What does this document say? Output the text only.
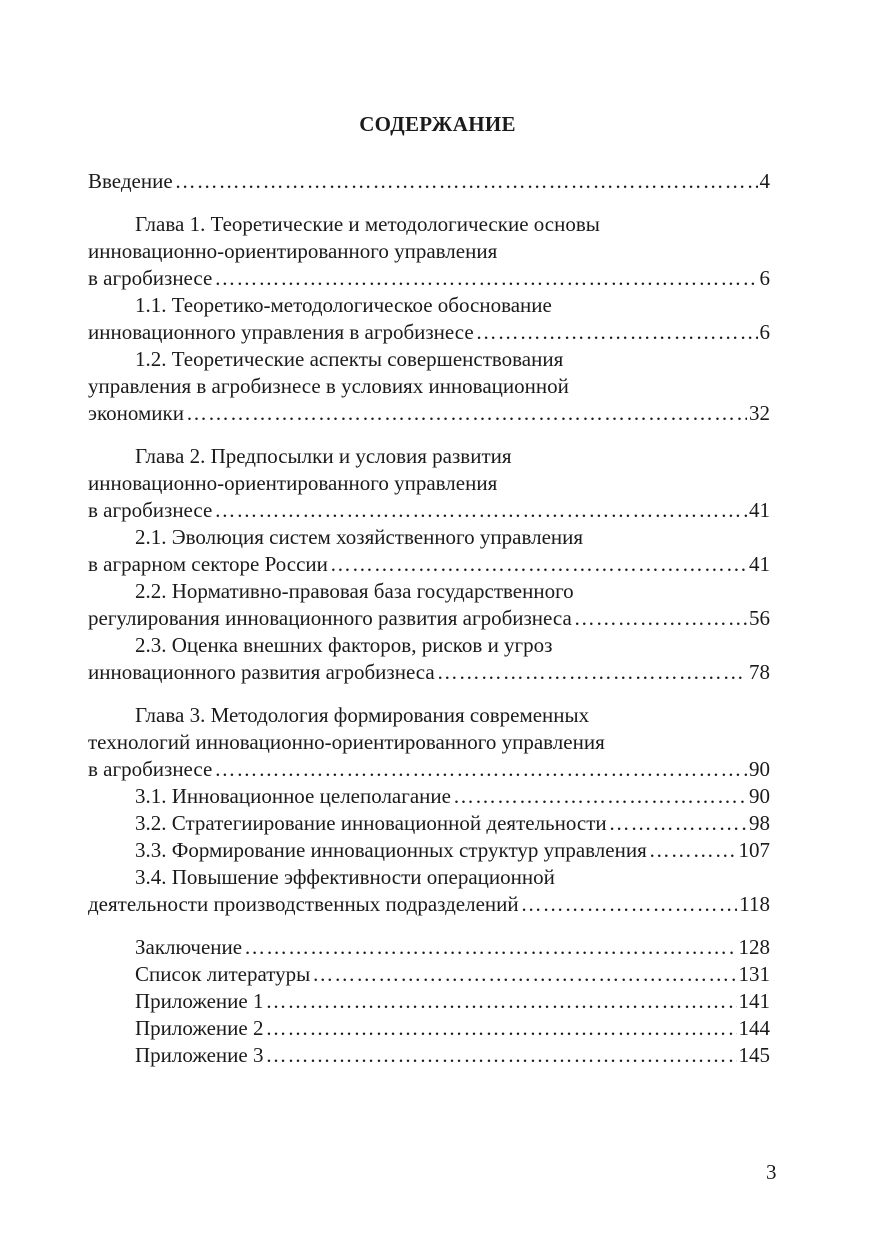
СОДЕРЖАНИЕ
Введение …………………………………………………………………………………………………………………………………………………………	4
Глава 1. Теоретические и методологические основы
инновационно-ориентированного управления
в агробизнесе …………………………………………………………………………………………………………………………………………………………	6
1.1. Теоретико-методологическое обоснование
инновационного управления в агробизнесе …………………………………………………………………………………………………………………………………………………………	6
1.2. Теоретические аспекты совершенствования
управления в агробизнесе в условиях инновационной
экономики …………………………………………………………………………………………………………………………………………………………	32
Глава 2. Предпосылки и условия развития
инновационно-ориентированного управления
в агробизнесе …………………………………………………………………………………………………………………………………………………………	41
2.1. Эволюция систем хозяйственного управления
в аграрном секторе России …………………………………………………………………………………………………………………………………………………………	41
2.2. Нормативно-правовая база государственного
регулирования инновационного развития агробизнеса …………………………………………………………………………………………………………………………………………………………	56
2.3. Оценка внешних факторов, рисков и угроз
инновационного развития агробизнеса …………………………………………………………………………………………………………………………………………………………	78
Глава 3. Методология формирования современных
технологий инновационно-ориентированного управления
в агробизнесе …………………………………………………………………………………………………………………………………………………………	90
3.1. Инновационное целеполагание …………………………………………………………………………………………………………………………………………………………	90
3.2. Стратегиирование инновационной деятельности …………………………………………………………………………………………………………………………………………………………	98
3.3. Формирование инновационных структур управления …………………………………………………………………………………………………………………………………………………………	107
3.4. Повышение эффективности операционной
деятельности производственных подразделений …………………………………………………………………………………………………………………………………………………………	118
Заключение …………………………………………………………………………………………………………………………………………………………	128
Список литературы …………………………………………………………………………………………………………………………………………………………	131
Приложение 1 …………………………………………………………………………………………………………………………………………………………	141
Приложение 2 …………………………………………………………………………………………………………………………………………………………	144
Приложение 3 …………………………………………………………………………………………………………………………………………………………	145
3
